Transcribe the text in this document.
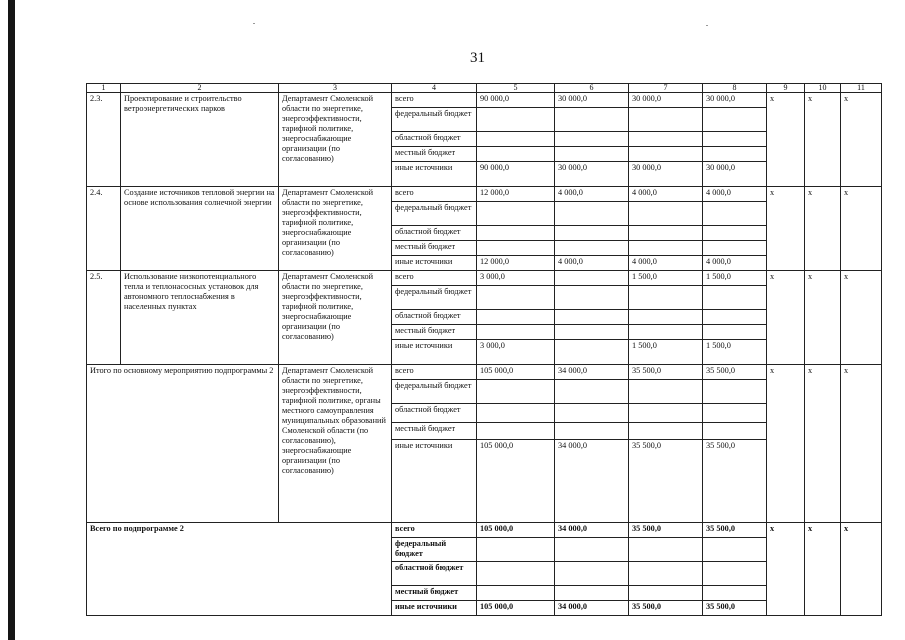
31
1	2	3	4	5	6	7	8	9	10	11
2.3.	Проектирование и строительство ветроэнергетических парков	Департамент Смоленской области по энергетике, энергоэффективности, тарифной политике, энергоснабжающие организации (по согласованию)	всего	90 000,0	30 000,0	30 000,0	30 000,0	х	х	х
			федеральный бюджет							
			областной бюджет							
			местный бюджет							
			иные источники	90 000,0	30 000,0	30 000,0	30 000,0			
2.4.	Создание источников тепловой энергии на основе использования солнечной энергии	Департамент Смоленской области по энергетике, энергоэффективности, тарифной политике, энергоснабжающие организации (по согласованию)	всего	12 000,0	4 000,0	4 000,0	4 000,0	х	х	х
			федеральный бюджет							
			областной бюджет							
			местный бюджет							
			иные источники	12 000,0	4 000,0	4 000,0	4 000,0			
2.5.	Использование низкопотенциального тепла и теплонасосных установок для автономного теплоснабжения в населенных пунктах	Департамент Смоленской области по энергетике, энергоэффективности, тарифной политике, энергоснабжающие организации (по согласованию)	всего	3 000,0		1 500,0	1 500,0	х	х	х
			федеральный бюджет							
			областной бюджет							
			местный бюджет							
			иные источники	3 000,0		1 500,0	1 500,0			
Итого по основному мероприятию подпрограммы 2		Департамент Смоленской области по энергетике, энергоэффективности, тарифной политике, органы местного самоуправления муниципальных образований Смоленской области (по согласованию), энергоснабжающие организации (по согласованию)	всего	105 000,0	34 000,0	35 500,0	35 500,0	х	х	х
			федеральный бюджет							
			областной бюджет							
			местный бюджет							
			иные источники	105 000,0	34 000,0	35 500,0	35 500,0			
Всего по подпрограмме 2			всего	105 000,0	34 000,0	35 500,0	35 500,0	х	х	х
			федеральный бюджет							
			областной бюджет							
			местный бюджет							
			иные источники	105 000,0	34 000,0	35 500,0	35 500,0			
